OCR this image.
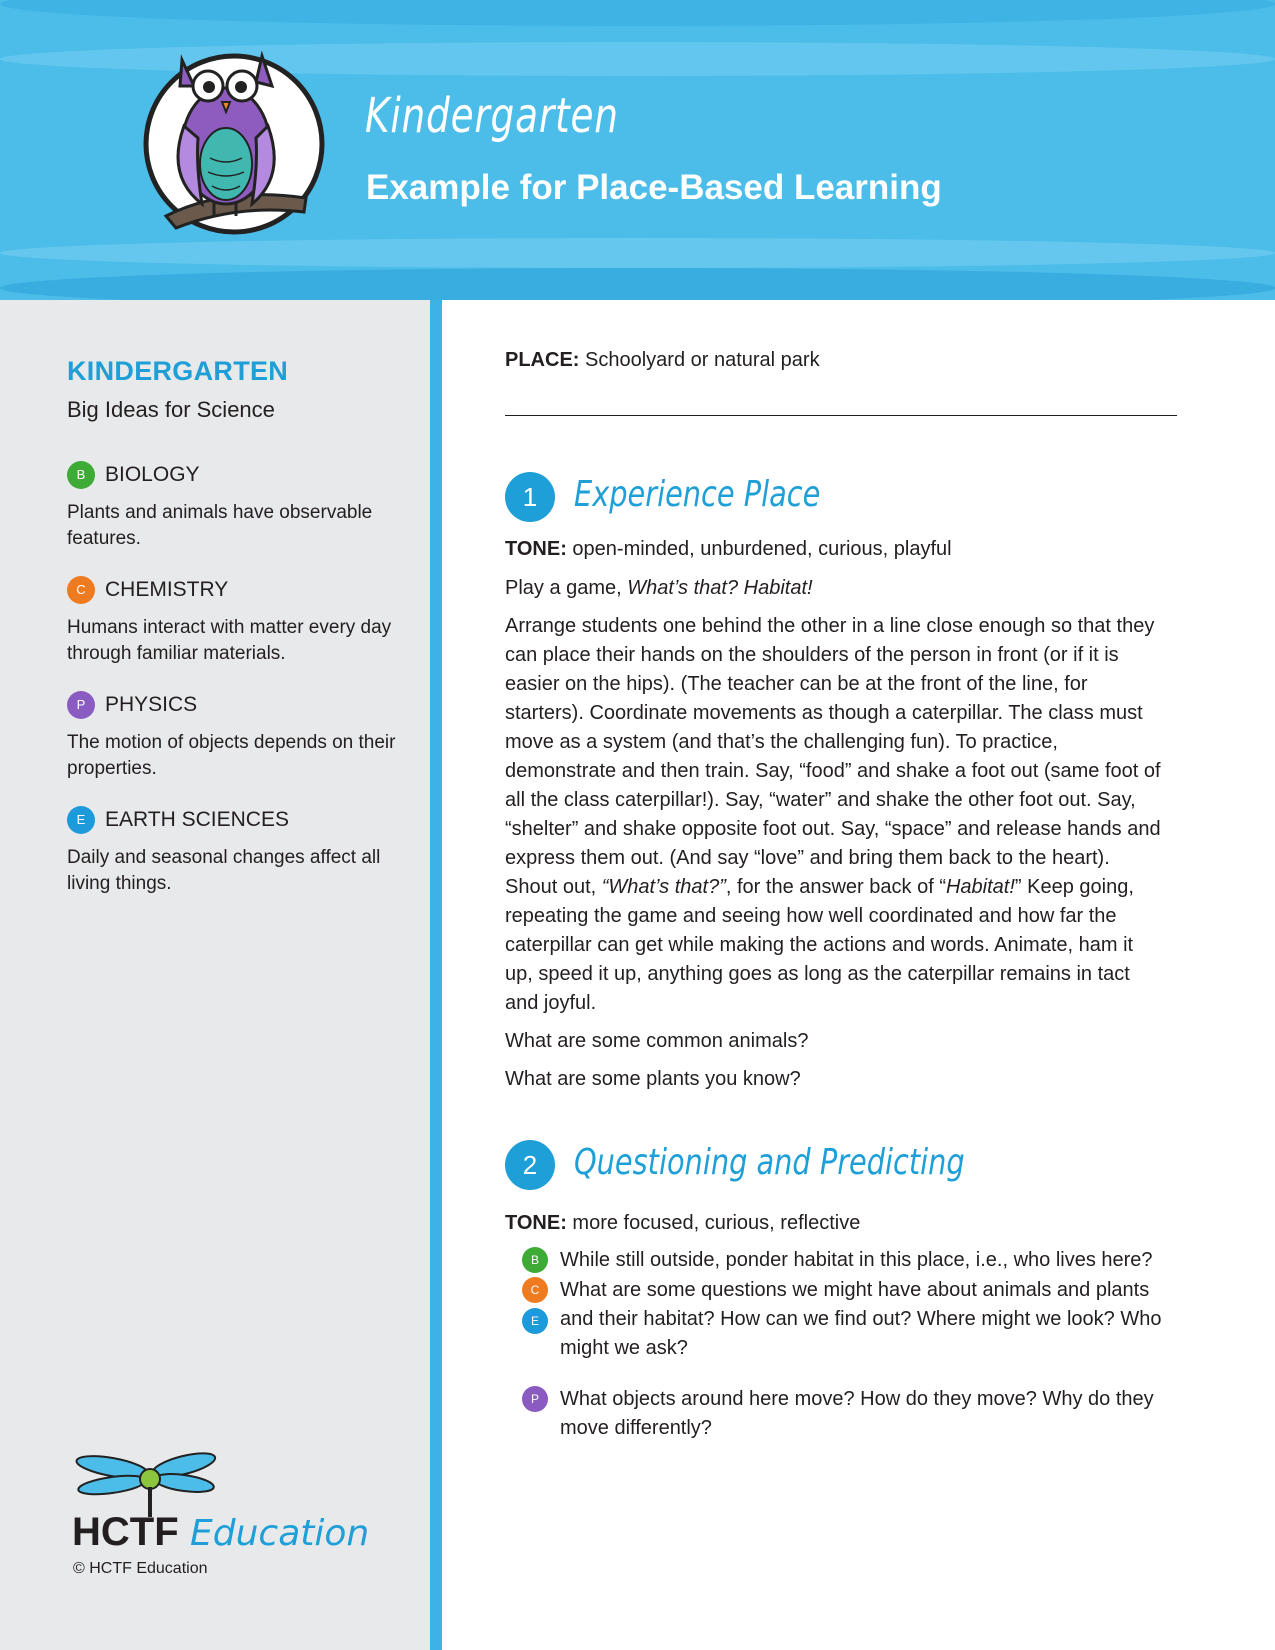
Kindergarten
Example for Place-Based Learning
KINDERGARTEN
Big Ideas for Science
B BIOLOGY

Plants and animals have observable features.

C CHEMISTRY

Humans interact with matter every day through familiar materials.

P PHYSICS

The motion of objects depends on their properties.

E EARTH SCIENCES

Daily and seasonal changes affect all living things.

HCTF Education
© HCTF Education
PLACE: Schoolyard or natural park
1	Experience Place
TONE: open-minded, unburdened, curious, playful

Play a game, What’s that? Habitat!

Arrange students one behind the other in a line close enough so that they can place their hands on the shoulders of the person in front (or if it is easier on the hips). (The teacher can be at the front of the line, for starters). Coordinate movements as though a caterpillar. The class must move as a system (and that’s the challenging fun). To practice, demonstrate and then train. Say, “food” and shake a foot out (same foot of all the class caterpillar!). Say, “water” and shake the other foot out. Say, “shelter” and shake opposite foot out. Say, “space” and release hands and express them out. (And say “love” and bring them back to the heart). Shout out, “What’s that?”, for the answer back of “Habitat!” Keep going, repeating the game and seeing how well coordinated and how far the caterpillar can get while making the actions and words. Animate, ham it up, speed it up, anything goes as long as the caterpillar remains in tact and joyful.

What are some common animals?

What are some plants you know?

2	Questioning and Predicting
TONE: more focused, curious, reflective
B	While still outside, ponder habitat in this place, i.e., who lives here?
C
E
What are some questions we might have about animals and plants and their habitat? How can we find out? Where might we look? Who might we ask?
P	What objects around here move? How do they move? Why do they move differently?
